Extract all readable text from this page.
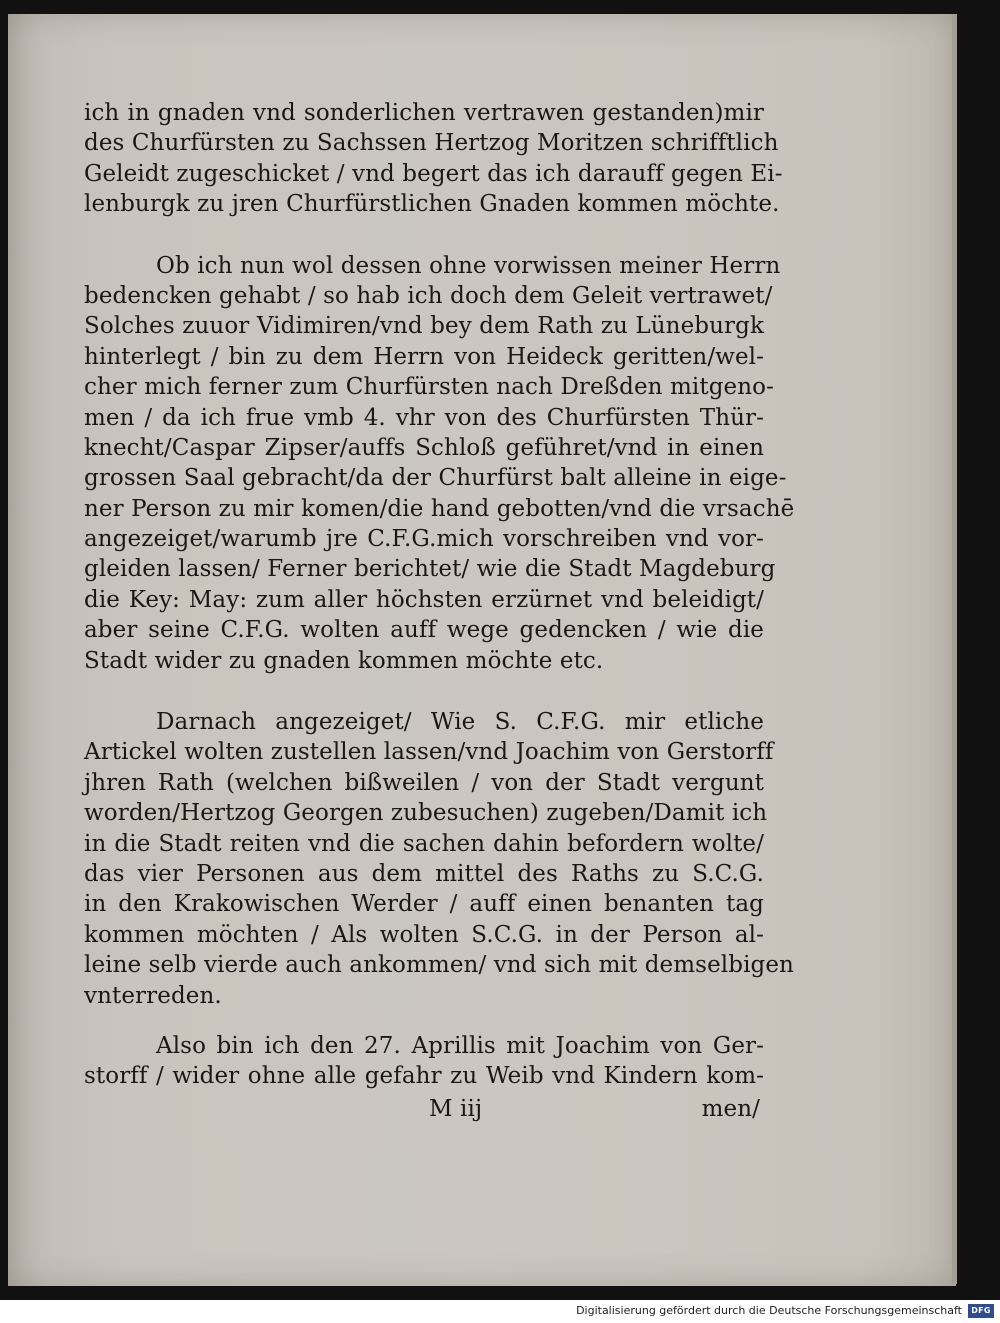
ich in gnaden vnd sonderlichen vertrawen gestanden)mir
des Churfürsten zu Sachssen Hertzog Moritzen schrifftlich
Geleidt zugeschicket / vnd begert das ich darauff gegen Ei-
lenburgk zu jren Churfürstlichen Gnaden kommen möchte.
Ob ich nun wol dessen ohne vorwissen meiner Herrn
bedencken gehabt / so hab ich doch dem Geleit vertrawet/
Solches zuuor Vidimiren/vnd bey dem Rath zu Lüneburgk
hinterlegt / bin zu dem Herrn von Heideck geritten/wel-
cher mich ferner zum Churfürsten nach Dreßden mitgeno-
men / da ich frue vmb 4. vhr von des Churfürsten Thür-
knecht/Caspar Zipser/auffs Schloß geführet/vnd in einen
grossen Saal gebracht/da der Churfürst balt alleine in eige-
ner Person zu mir komen/die hand gebotten/vnd die vrsachē
angezeiget/warumb jre C.F.G.mich vorschreiben vnd vor-
gleiden lassen/ Ferner berichtet/ wie die Stadt Magdeburg
die Key: May: zum aller höchsten erzürnet vnd beleidigt/
aber seine C.F.G. wolten auff wege gedencken / wie die
Stadt wider zu gnaden kommen möchte etc.
Darnach angezeiget/ Wie S. C.F.G. mir etliche
Artickel wolten zustellen lassen/vnd Joachim von Gerstorff
jhren Rath (welchen bißweilen / von der Stadt vergunt
worden/Hertzog Georgen zubesuchen) zugeben/Damit ich
in die Stadt reiten vnd die sachen dahin befordern wolte/
das vier Personen aus dem mittel des Raths zu S.C.G.
in den Krakowischen Werder / auff einen benanten tag
kommen möchten / Als wolten S.C.G. in der Person al-
leine selb vierde auch ankommen/ vnd sich mit demselbigen
vnterreden.
Also bin ich den 27. Aprillis mit Joachim von Ger-
storff / wider ohne alle gefahr zu Weib vnd Kindern kom-
M iij	men/
Digitalisierung gefördert durch die Deutsche Forschungsgemeinschaft	DFG
